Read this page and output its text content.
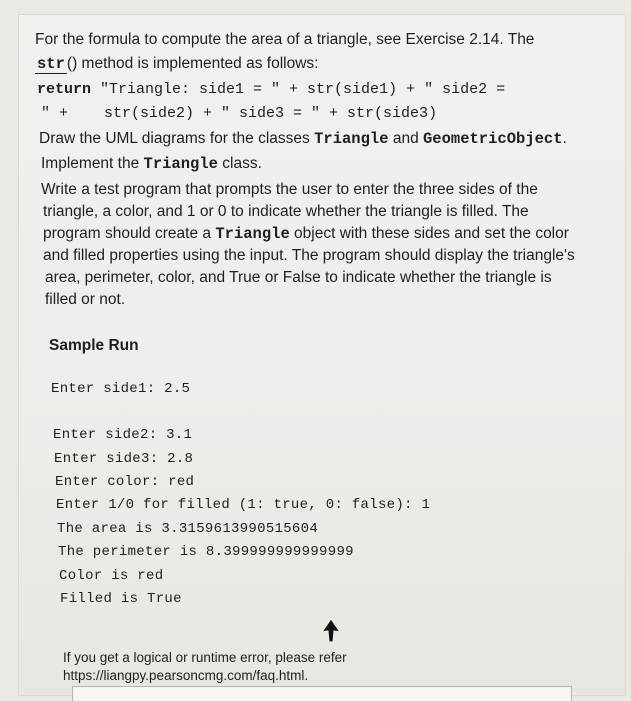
For the formula to compute the area of a triangle, see Exercise 2.14. The
str () method is implemented as follows:
return "Triangle: side1 = " + str(side1) + " side2 =
" +    str(side2) + " side3 = " + str(side3)
Draw the UML diagrams for the classes Triangle and GeometricObject.
Implement the Triangle class.
Write a test program that prompts the user to enter the three sides of the
triangle, a color, and 1 or 0 to indicate whether the triangle is filled. The
program should create a Triangle object with these sides and set the color
and filled properties using the input. The program should display the triangle's
area, perimeter, color, and True or False to indicate whether the triangle is
filled or not.
Sample Run
Enter side1: 2.5
Enter side2: 3.1
Enter side3: 2.8
Enter color: red
Enter 1/0 for filled (1: true, 0: false): 1
The area is 3.3159613990515604
The perimeter is 8.399999999999999
Color is red
Filled is True
If you get a logical or runtime error, please refer
https://liangpy.pearsoncmg.com/faq.html.
